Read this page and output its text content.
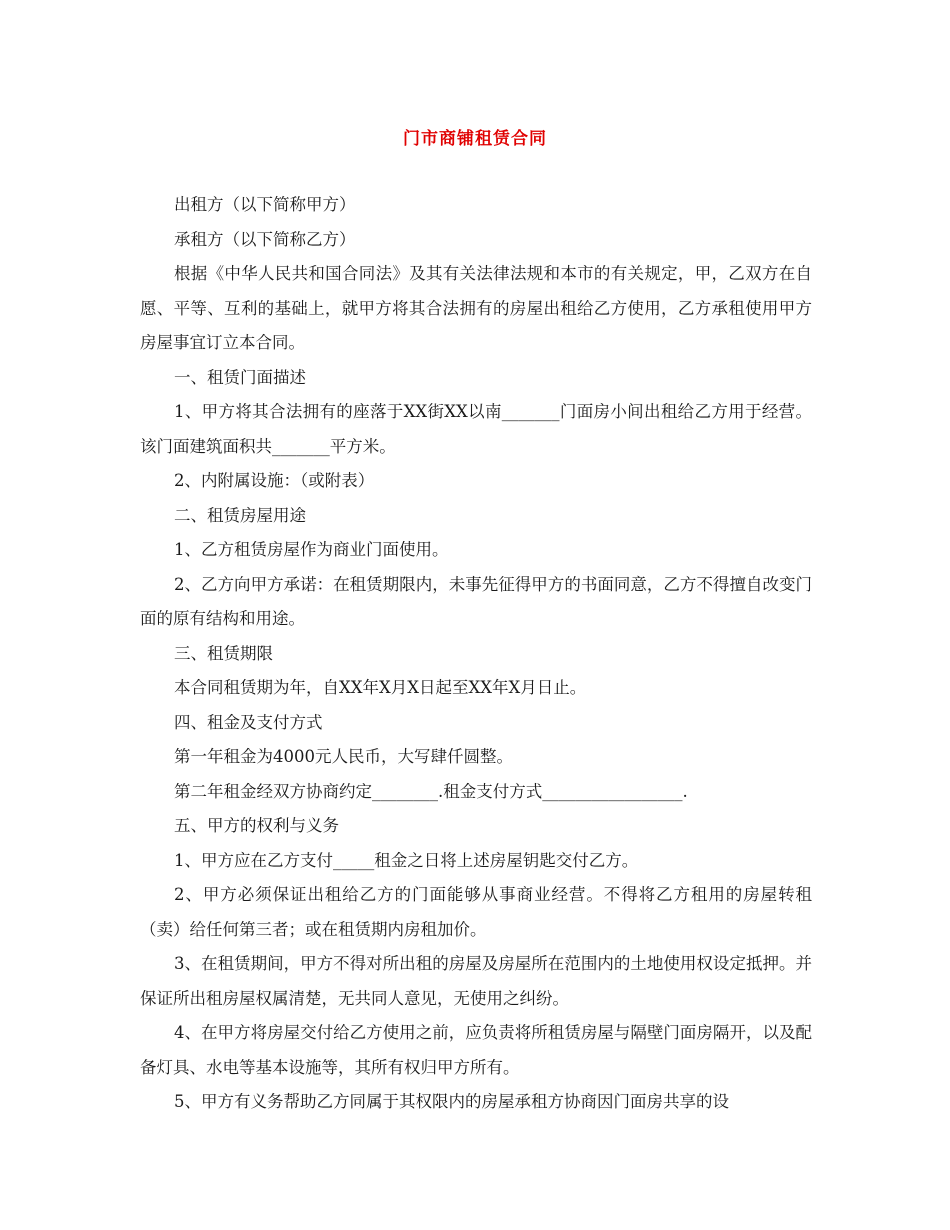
门市商铺租赁合同

出租方（以下简称甲方）

承租方（以下简称乙方）

根据《中华人民共和国合同法》及其有关法律法规和本市的有关规定，甲，乙双方在自愿、平等、互利的基础上，就甲方将其合法拥有的房屋出租给乙方使用，乙方承租使用甲方房屋事宜订立本合同。

一、租赁门面描述

1、甲方将其合法拥有的座落于XX街XX以南_______门面房小间出租给乙方用于经营。该门面建筑面积共_______平方米。

2、内附属设施：（或附表）

二、租赁房屋用途

1、乙方租赁房屋作为商业门面使用。

2、乙方向甲方承诺：在租赁期限内，未事先征得甲方的书面同意，乙方不得擅自改变门面的原有结构和用途。

三、租赁期限

本合同租赁期为年，自XX年X月X日起至XX年X月日止。

四、租金及支付方式

第一年租金为4000元人民币，大写肆仟圆整。

第二年租金经双方协商约定________.租金支付方式_________________.

五、甲方的权利与义务

1、甲方应在乙方支付_____租金之日将上述房屋钥匙交付乙方。

2、甲方必须保证出租给乙方的门面能够从事商业经营。不得将乙方租用的房屋转租（卖）给任何第三者；或在租赁期内房租加价。

3、在租赁期间，甲方不得对所出租的房屋及房屋所在范围内的土地使用权设定抵押。并保证所出租房屋权属清楚，无共同人意见，无使用之纠纷。

4、在甲方将房屋交付给乙方使用之前，应负责将所租赁房屋与隔壁门面房隔开，以及配备灯具、水电等基本设施等，其所有权归甲方所有。

5、甲方有义务帮助乙方同属于其权限内的房屋承租方协商因门面房共享的设
